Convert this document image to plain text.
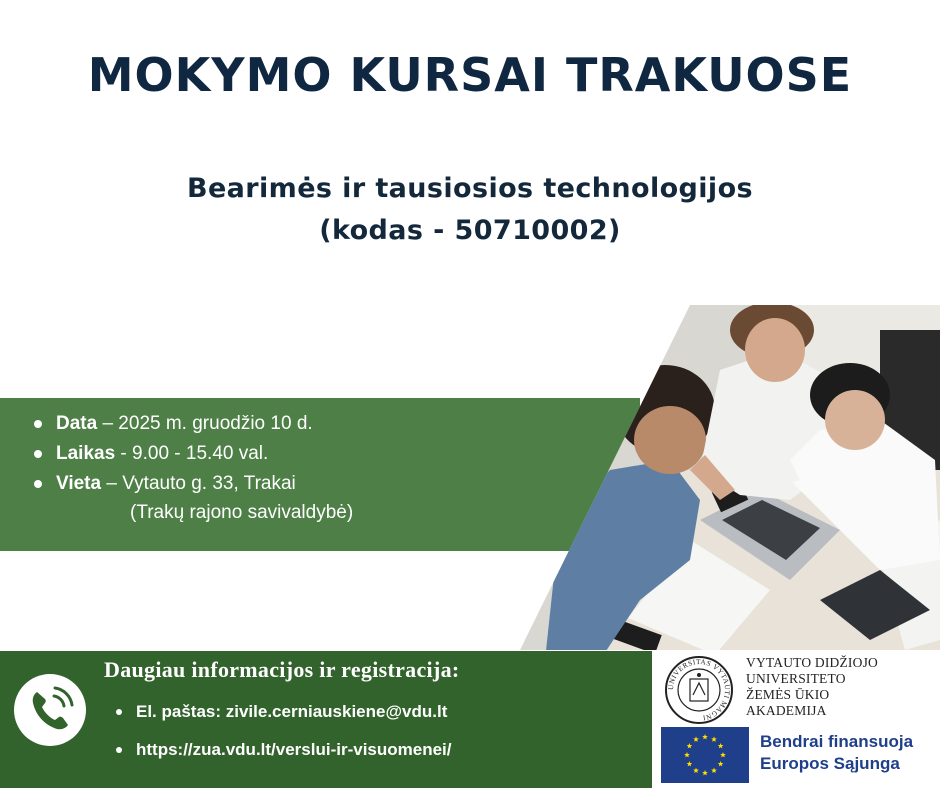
MOKYMO KURSAI TRAKUOSE
Bearimės ir tausiosios technologijos
(kodas - 50710002)
Data – 2025 m. gruodžio 10 d.
Laikas - 9.00 - 15.40 val.
Vieta – Vytauto g. 33, Trakai
(Trakų rajono savivaldybė)
Daugiau informacijos ir registracija:
El. paštas: zivile.cerniauskiene@vdu.lt
https://zua.vdu.lt/verslui-ir-visuomenei/
UNIVERSITAS VYTAUTI MAGNI
VYTAUTO DIDŽIOJO
UNIVERSITETO
ŽEMĖS ŪKIO
AKADEMIJA
Bendrai finansuoja
Europos Sąjunga
